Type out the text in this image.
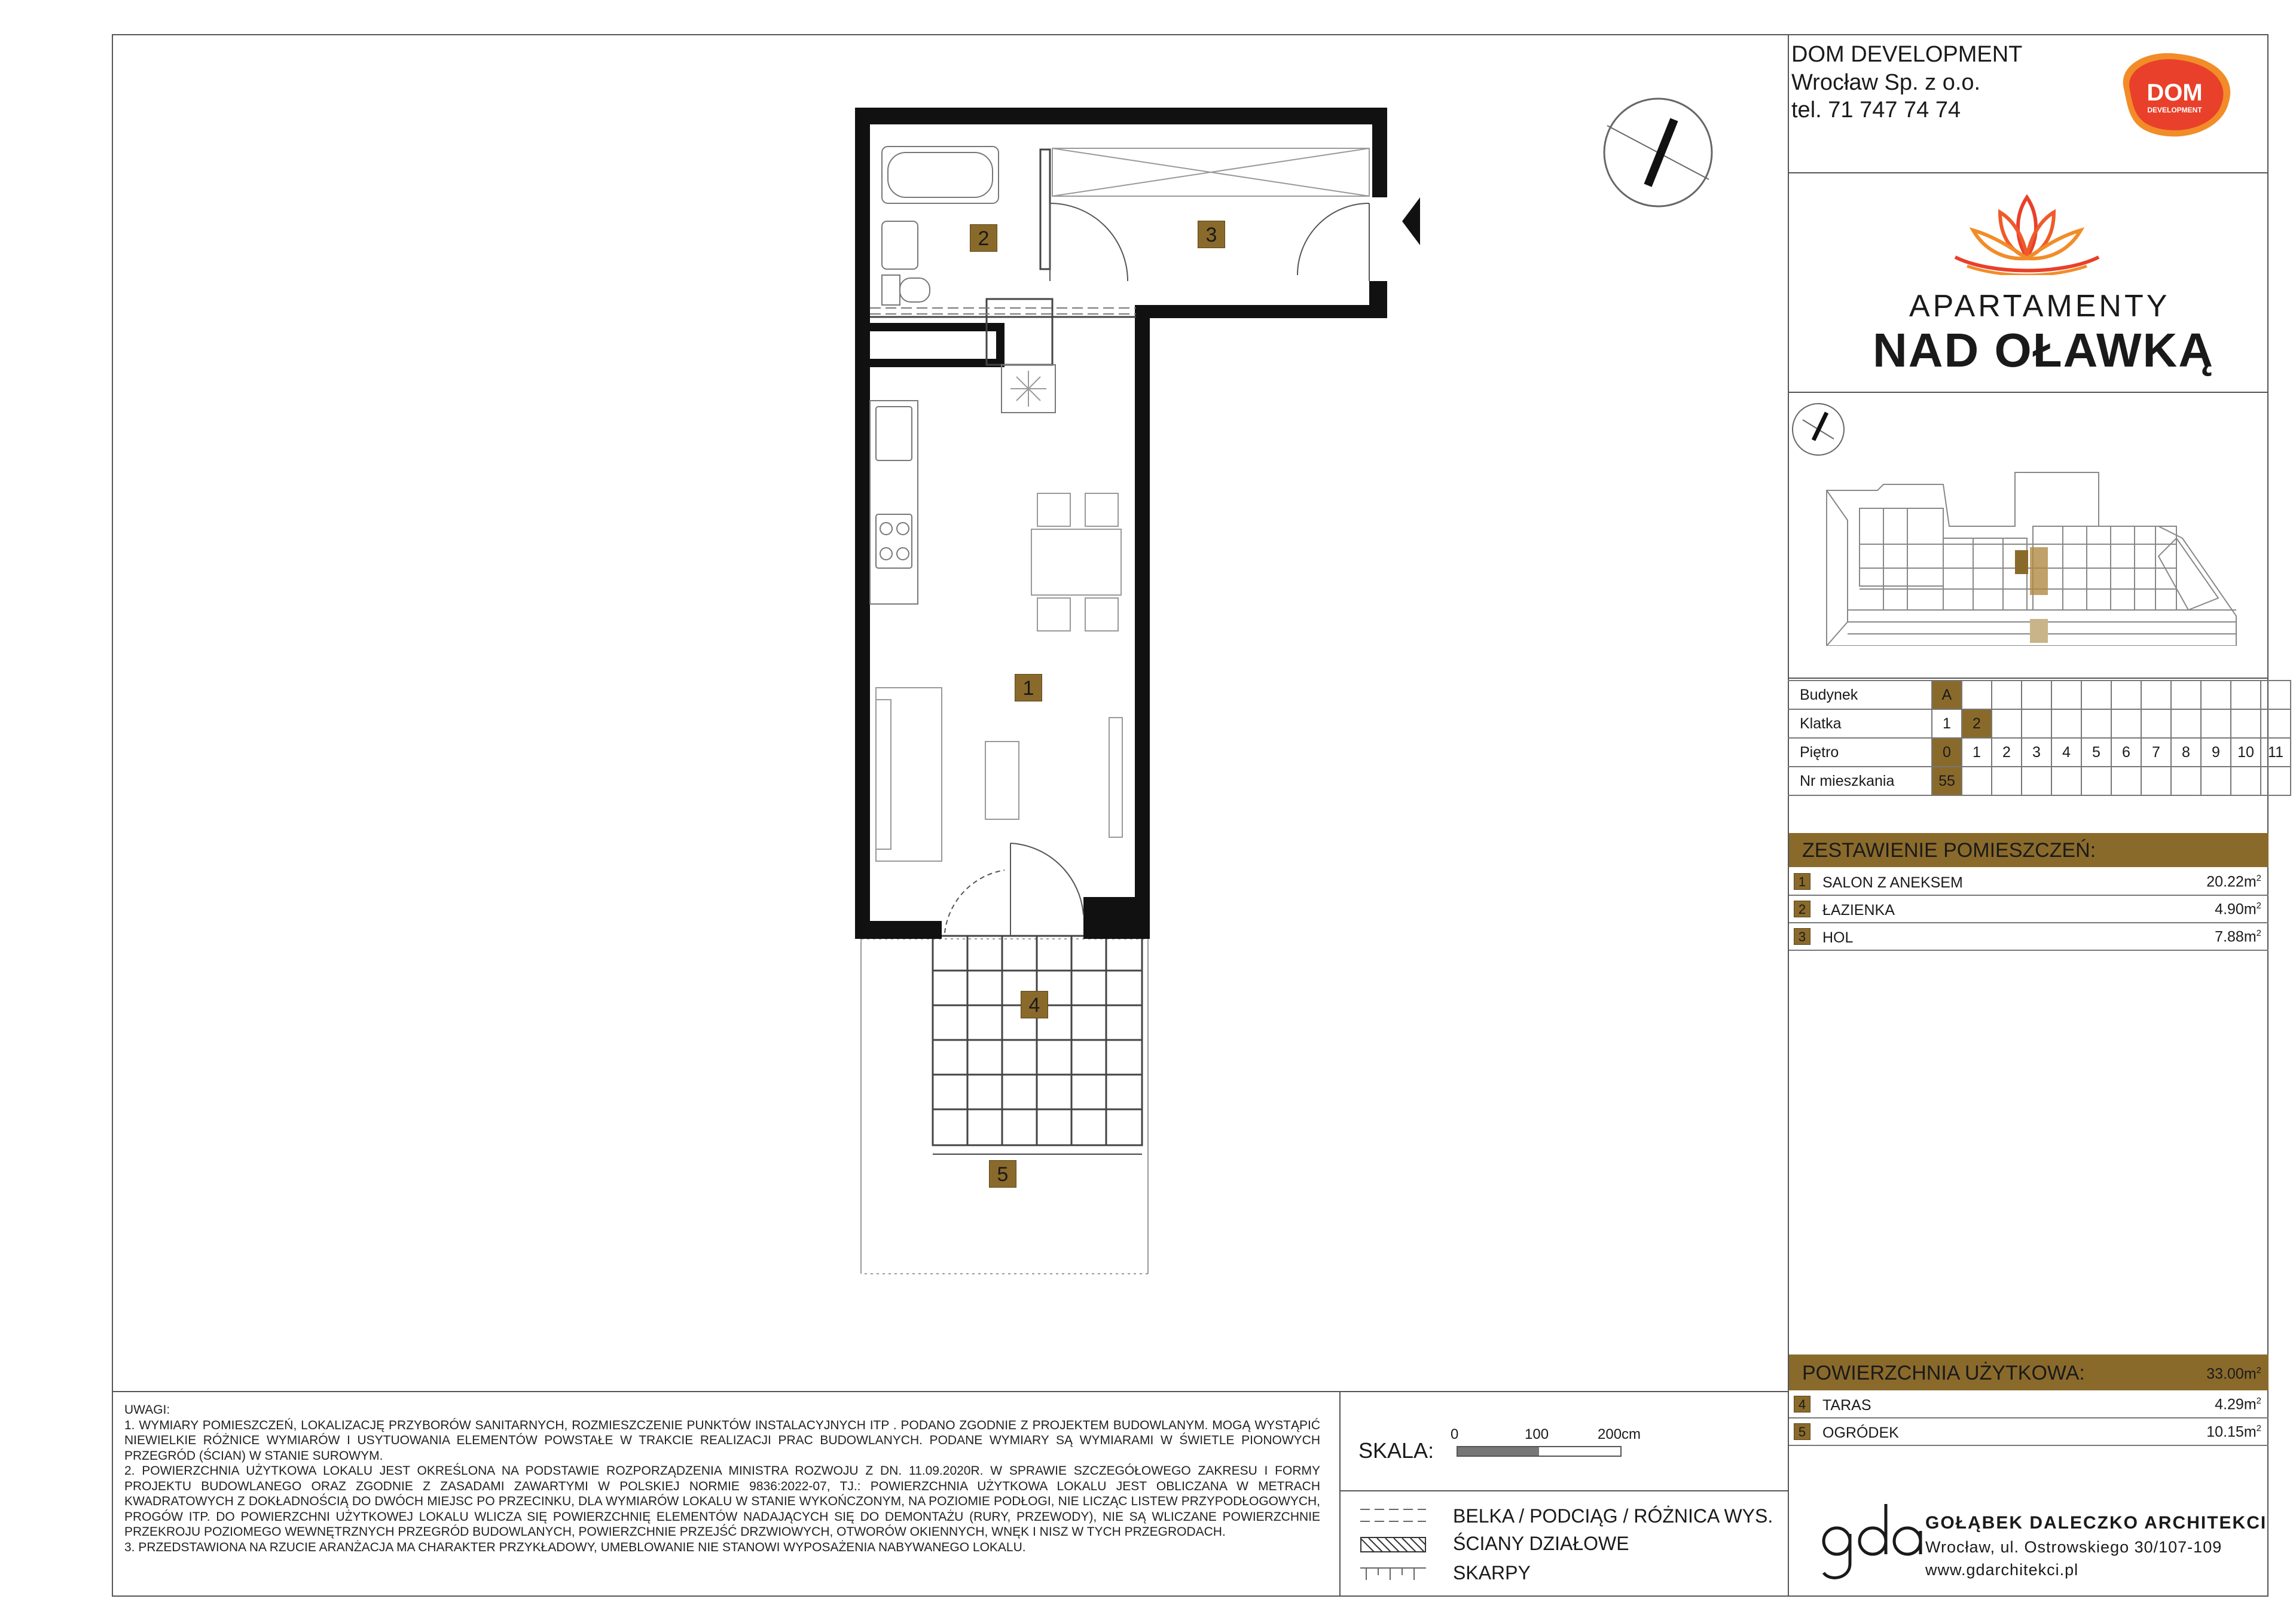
DOM DEVELOPMENT
Wrocław Sp. z o.o.
tel. 71 747 74 74
DOM
DEVELOPMENT
APARTAMENTY
NAD OŁAWKĄ
Budynek	A											
Klatka	1	2										
Piętro	0	1	2	3	4	5	6	7	8	9	10	11
Nr mieszkania	55											
ZESTAWIENIE POMIESZCZEŃ:
1	SALON Z ANEKSEM	$20.22m^2$
2	ŁAZIENKA	$4.90m^2$
3	HOL	$7.88m^2$
POWIERZCHNIA UŻYTKOWA:	$33.00m^2$
4	TARAS	$4.29m^2$
5	OGRÓDEK	$10.15m^2$
GOŁĄBEK DALECZKO ARCHITEKCI
Wrocław, ul. Ostrowskiego 30/107-109
www.gdarchitekci.pl
UWAGI:
1. WYMIARY POMIESZCZEŃ, LOKALIZACJĘ PRZYBORÓW SANITARNYCH, ROZMIESZCZENIE PUNKTÓW INSTALACYJNYCH ITP . PODANO ZGODNIE Z PROJEKTEM BUDOWLANYM. MOGĄ WYSTĄPIĆ NIEWIELKIE RÓŻNICE WYMIARÓW I USYTUOWANIA ELEMENTÓW POWSTAŁE W TRAKCIE REALIZACJI PRAC BUDOWLANYCH. PODANE WYMIARY SĄ WYMIARAMI W ŚWIETLE PIONOWYCH PRZEGRÓD (ŚCIAN) W STANIE SUROWYM.
2. POWIERZCHNIA UŻYTKOWA LOKALU JEST OKREŚLONA NA PODSTAWIE ROZPORZĄDZENIA MINISTRA ROZWOJU Z DN. 11.09.2020R. W SPRAWIE SZCZEGÓŁOWEGO ZAKRESU I FORMY PROJEKTU BUDOWLANEGO ORAZ ZGODNIE Z ZASADAMI ZAWARTYMI W POLSKIEJ NORMIE 9836:2022-07, TJ.: POWIERZCHNIA UŻYTKOWA LOKALU JEST OBLICZANA W METRACH KWADRATOWYCH Z DOKŁADNOŚCIĄ DO DWÓCH MIEJSC PO PRZECINKU, DLA WYMIARÓW LOKALU W STANIE WYKOŃCZONYM, NA POZIOMIE PODŁOGI, NIE LICZĄC LISTEW PRZYPODŁOGOWYCH, PROGÓW ITP. DO POWIERZCHNI UŻYTKOWEJ LOKALU WLICZA SIĘ POWIERZCHNIĘ ELEMENTÓW NADAJĄCYCH SIĘ DO DEMONTAŻU (RURY, PRZEWODY), NIE SĄ WLICZANE POWIERZCHNIE PRZEKROJU POZIOMEGO WEWNĘTRZNYCH PRZEGRÓD BUDOWLANYCH, POWIERZCHNIE PRZEJŚĆ DRZWIOWYCH, OTWORÓW OKIENNYCH, WNĘK I NISZ W TYCH PRZEGRODACH.
3. PRZEDSTAWIONA NA RZUCIE ARANŻACJA MA CHARAKTER PRZYKŁADOWY, UMEBLOWANIE NIE STANOWI WYPOSAŻENIA NABYWANEGO LOKALU.
SKALA:
0	100	200cm
BELKA / PODCIĄG / RÓŻNICA WYS.
ŚCIANY DZIAŁOWE
SKARPY
1
2	3
4
5
